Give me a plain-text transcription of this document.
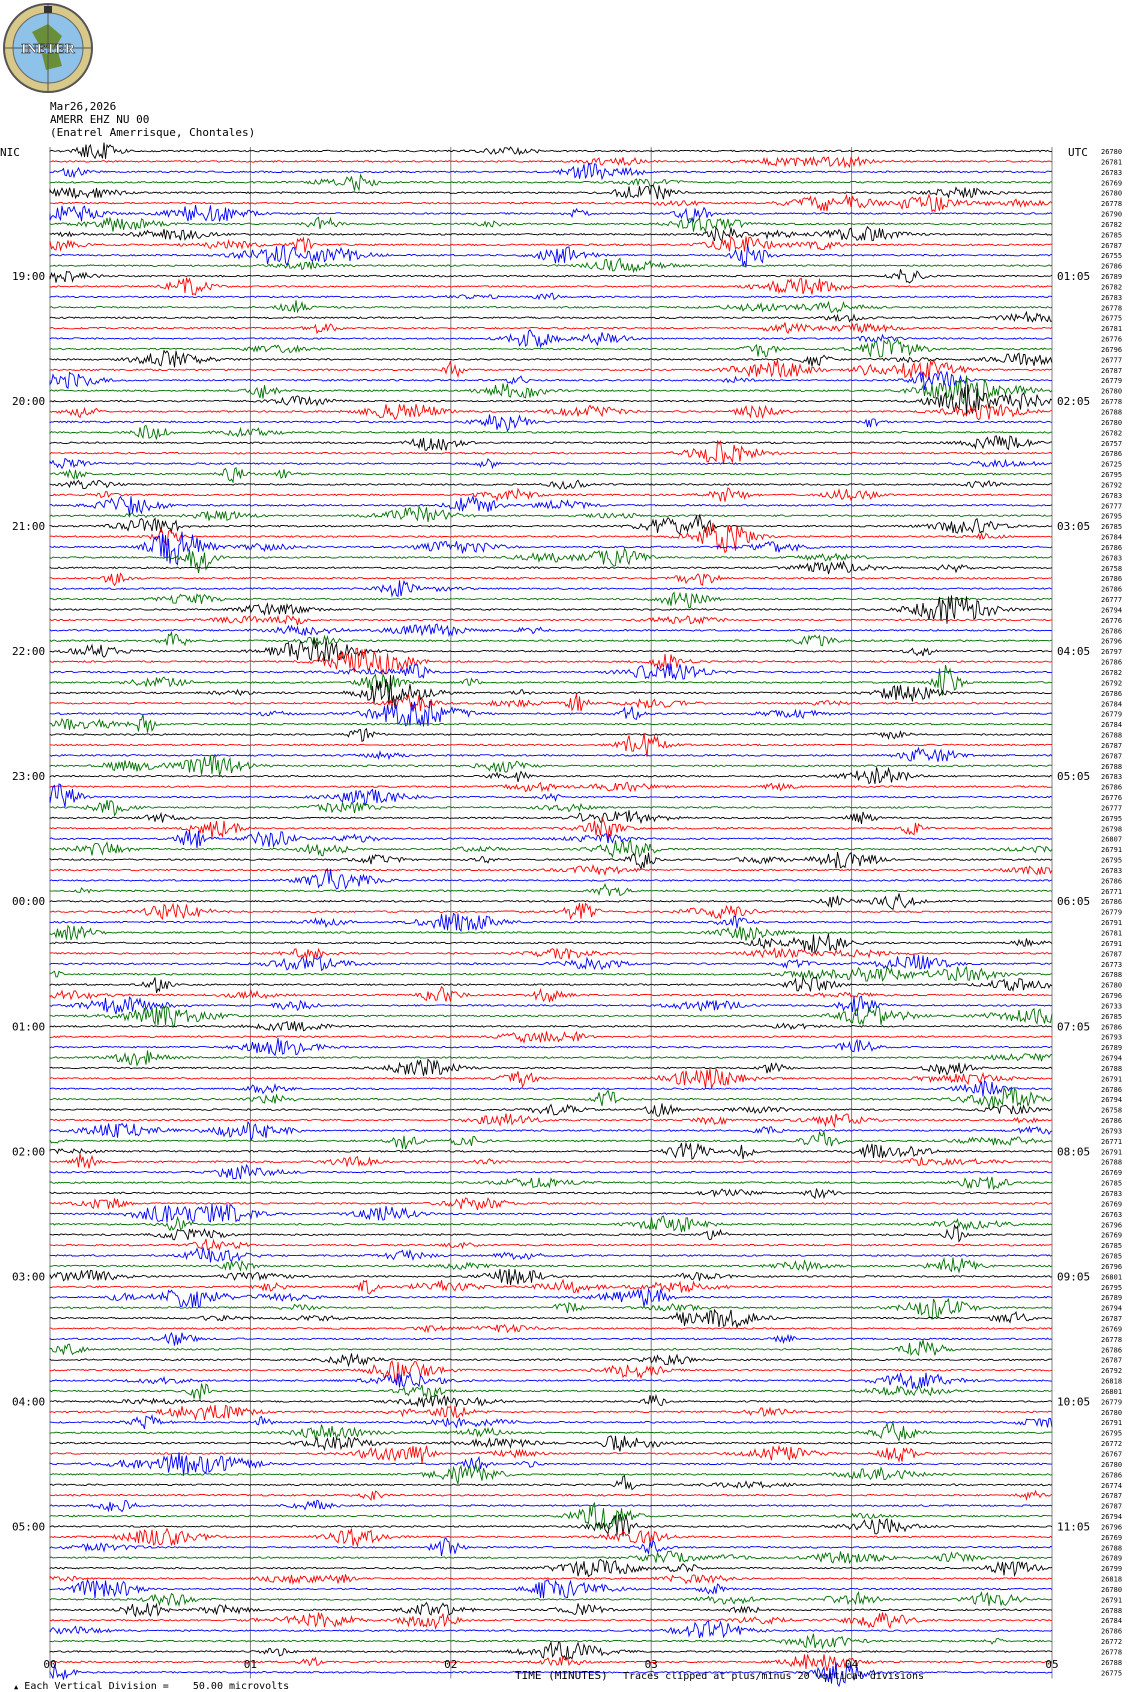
INETER
Mar26,2026
AMERR EHZ NU 00
(Enatrel Amerrisque, Chontales)
19:00
20:00
21:00
22:00
23:00
00:00
01:00
02:00
03:00
04:00
05:00
01:05
02:05
03:05
04:05
05:05
06:05
07:05
08:05
09:05
10:05
11:05
26780
26781
26783
26769
26780
26778
26790
26782
26785
26787
26755
26786
26789
26782
26783
26778
26775
26781
26776
26796
26777
26787
26779
26780
26778
26788
26780
26782
26757
26786
26725
26795
26792
26783
26777
26795
26785
26784
26786
26783
26758
26786
26786
26777
26794
26776
26786
26796
26797
26786
26782
26792
26786
26784
26779
26784
26788
26787
26787
26788
26783
26786
26776
26777
26795
26798
26807
26791
26795
26783
26786
26771
26786
26779
26791
26781
26791
26787
26773
26788
26780
26796
26733
26785
26786
26793
26789
26794
26788
26791
26786
26794
26758
26786
26793
26771
26791
26788
26769
26785
26783
26769
26763
26796
26769
26785
26785
26796
26801
26795
26789
26794
26787
26769
26778
26786
26787
26792
26818
26801
26779
26780
26791
26795
26772
26767
26780
26786
26774
26787
26787
26794
26796
26769
26788
26789
26799
26818
26780
26791
26788
26784
26786
26772
26778
26788
26775
00	01	02	03	04	05
NIC	UTC
TIME (MINUTES)

▲ Each Vertical Division =    50.00 microvolts

Traces clipped at plus/minus 20 vertical divisions
